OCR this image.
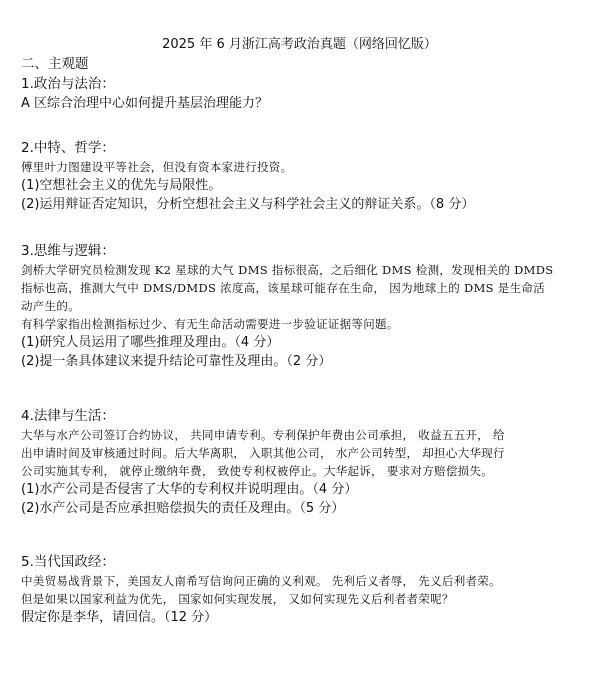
2025 年 6 月浙江高考政治真题（网络回忆版）
二、主观题
1.政治与法治：
A 区综合治理中心如何提升基层治理能力？
2.中特、哲学：
傅里叶力图建设平等社会，但没有资本家进行投资。
(1)空想社会主义的优先与局限性。
(2)运用辩证否定知识，分析空想社会主义与科学社会主义的辩证关系。（8 分）
3.思维与逻辑：
剑桥大学研究员检测发现 K2 星球的大气 DMS 指标很高，之后细化 DMS 检测，发现相关的 DMDS
指标也高，推测大气中 DMS/DMDS 浓度高，该星球可能存在生命， 因为地球上的 DMS 是生命活
动产生的。
有科学家指出检测指标过少、有无生命活动需要进一步验证证据等问题。
(1)研究人员运用了哪些推理及理由。（4 分）
(2)提一条具体建议来提升结论可靠性及理由。（2 分）
4.法律与生活：
大华与水产公司签订合约协议， 共同申请专利。专利保护年费由公司承担， 收益五五开， 给
出申请时间及审核通过时间。后大华离职， 入职其他公司， 水产公司转型， 却担心大华现行
公司实施其专利， 就停止缴纳年费， 致使专利权被停止。大华起诉， 要求对方赔偿损失。
(1)水产公司是否侵害了大华的专利权并说明理由。（4 分）
(2)水产公司是否应承担赔偿损失的责任及理由。（5 分）
5.当代国政经：
中美贸易战背景下，美国友人南希写信询问正确的义利观。 先利后义者辱， 先义后利者荣。
但是如果以国家利益为优先， 国家如何实现发展， 又如何实现先义后利者者荣呢？
假定你是李华，请回信。（12 分）
